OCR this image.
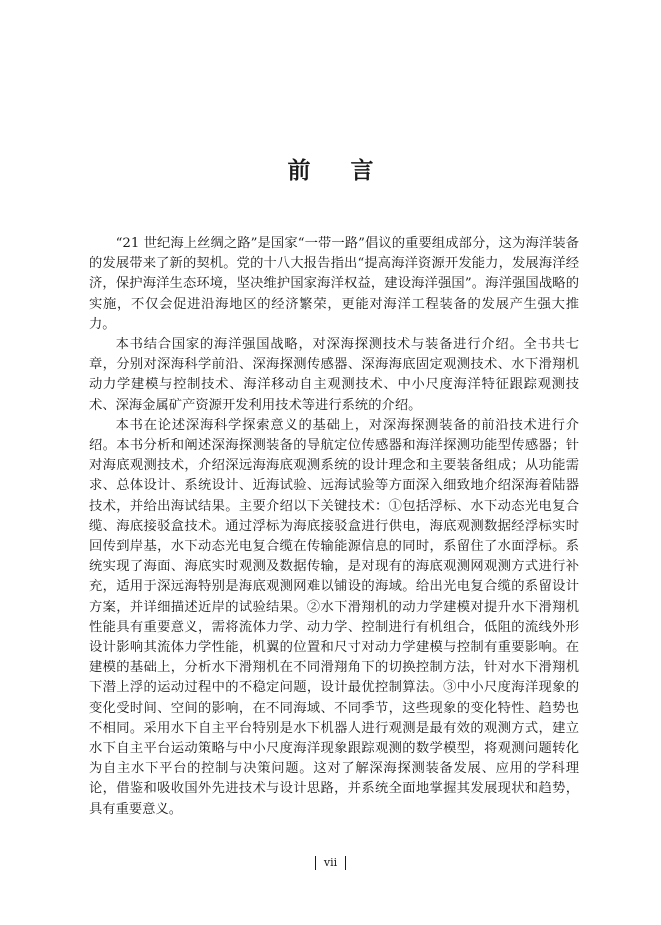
前言

“21 世纪海上丝绸之路”是国家“一带一路”倡议的重要组成部分，这为海洋装备的发展带来了新的契机。党的十八大报告指出“提高海洋资源开发能力，发展海洋经济，保护海洋生态环境，坚决维护国家海洋权益，建设海洋强国”。海洋强国战略的实施，不仅会促进沿海地区的经济繁荣，更能对海洋工程装备的发展产生强大推力。

本书结合国家的海洋强国战略，对深海探测技术与装备进行介绍。全书共七章，分别对深海科学前沿、深海探测传感器、深海海底固定观测技术、水下滑翔机动力学建模与控制技术、海洋移动自主观测技术、中小尺度海洋特征跟踪观测技术、深海金属矿产资源开发利用技术等进行系统的介绍。

本书在论述深海科学探索意义的基础上，对深海探测装备的前沿技术进行介绍。本书分析和阐述深海探测装备的导航定位传感器和海洋探测功能型传感器；针对海底观测技术，介绍深远海海底观测系统的设计理念和主要装备组成；从功能需求、总体设计、系统设计、近海试验、远海试验等方面深入细致地介绍深海着陆器技术，并给出海试结果。主要介绍以下关键技术：①包括浮标、水下动态光电复合缆、海底接驳盒技术。通过浮标为海底接驳盒进行供电，海底观测数据经浮标实时回传到岸基，水下动态光电复合缆在传输能源信息的同时，系留住了水面浮标。系统实现了海面、海底实时观测及数据传输，是对现有的海底观测网观测方式进行补充，适用于深远海特别是海底观测网难以铺设的海域。给出光电复合缆的系留设计方案，并详细描述近岸的试验结果。②水下滑翔机的动力学建模对提升水下滑翔机性能具有重要意义，需将流体力学、动力学、控制进行有机组合，低阻的流线外形设计影响其流体力学性能，机翼的位置和尺寸对动力学建模与控制有重要影响。在建模的基础上，分析水下滑翔机在不同滑翔角下的切换控制方法，针对水下滑翔机下潜上浮的运动过程中的不稳定问题，设计最优控制算法。③中小尺度海洋现象的变化受时间、空间的影响，在不同海域、不同季节，这些现象的变化特性、趋势也不相同。采用水下自主平台特别是水下机器人进行观测是最有效的观测方式，建立水下自主平台运动策略与中小尺度海洋现象跟踪观测的数学模型，将观测问题转化为自主水下平台的控制与决策问题。这对了解深海探测装备发展、应用的学科理论，借鉴和吸收国外先进技术与设计思路，并系统全面地掌握其发展现状和趋势，具有重要意义。

vii
